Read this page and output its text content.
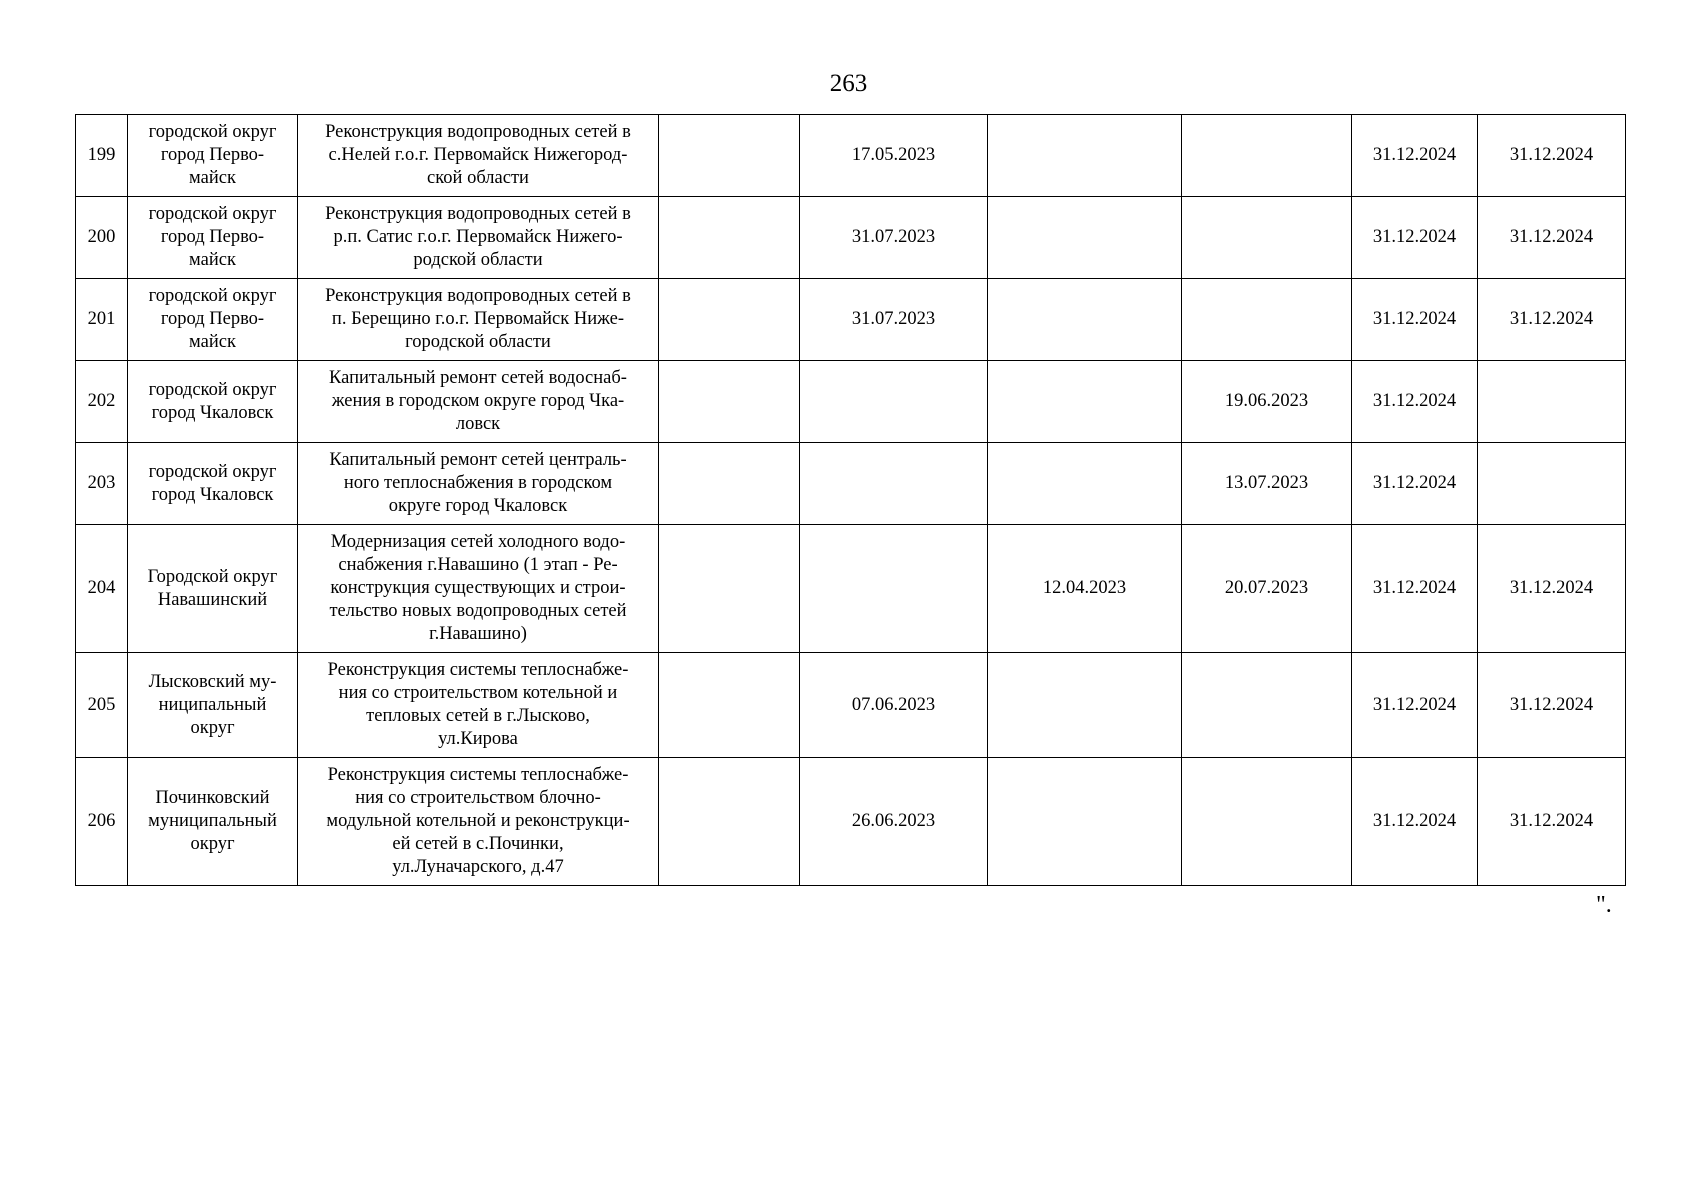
263
199	городской округ
город Перво-
майск	Реконструкция водопроводных сетей в
с.Нелей г.о.г. Первомайск Нижегород-
ской области		17.05.2023			31.12.2024	31.12.2024
200	городской округ
город Перво-
майск	Реконструкция водопроводных сетей в
р.п. Сатис г.о.г. Первомайск Нижего-
родской области		31.07.2023			31.12.2024	31.12.2024
201	городской округ
город Перво-
майск	Реконструкция водопроводных сетей в
п. Берещино г.о.г. Первомайск Ниже-
городской области		31.07.2023			31.12.2024	31.12.2024
202	городской округ
город Чкаловск	Капитальный ремонт сетей водоснаб-
жения в городском округе город Чка-
ловск				19.06.2023	31.12.2024	
203	городской округ
город Чкаловск	Капитальный ремонт сетей централь-
ного теплоснабжения в городском
округе город Чкаловск				13.07.2023	31.12.2024	
204	Городской округ
Навашинский	Модернизация сетей холодного водо-
снабжения г.Навашино (1 этап - Ре-
конструкция существующих и строи-
тельство новых водопроводных сетей
г.Навашино)			12.04.2023	20.07.2023	31.12.2024	31.12.2024
205	Лысковский му-
ниципальный
округ	Реконструкция системы теплоснабже-
ния со строительством котельной и
тепловых сетей в г.Лысково,
ул.Кирова		07.06.2023			31.12.2024	31.12.2024
206	Починковский
муниципальный
округ	Реконструкция системы теплоснабже-
ния со строительством блочно-
модульной котельной и реконструкци-
ей сетей в с.Починки,
ул.Луначарского, д.47		26.06.2023			31.12.2024	31.12.2024
".
